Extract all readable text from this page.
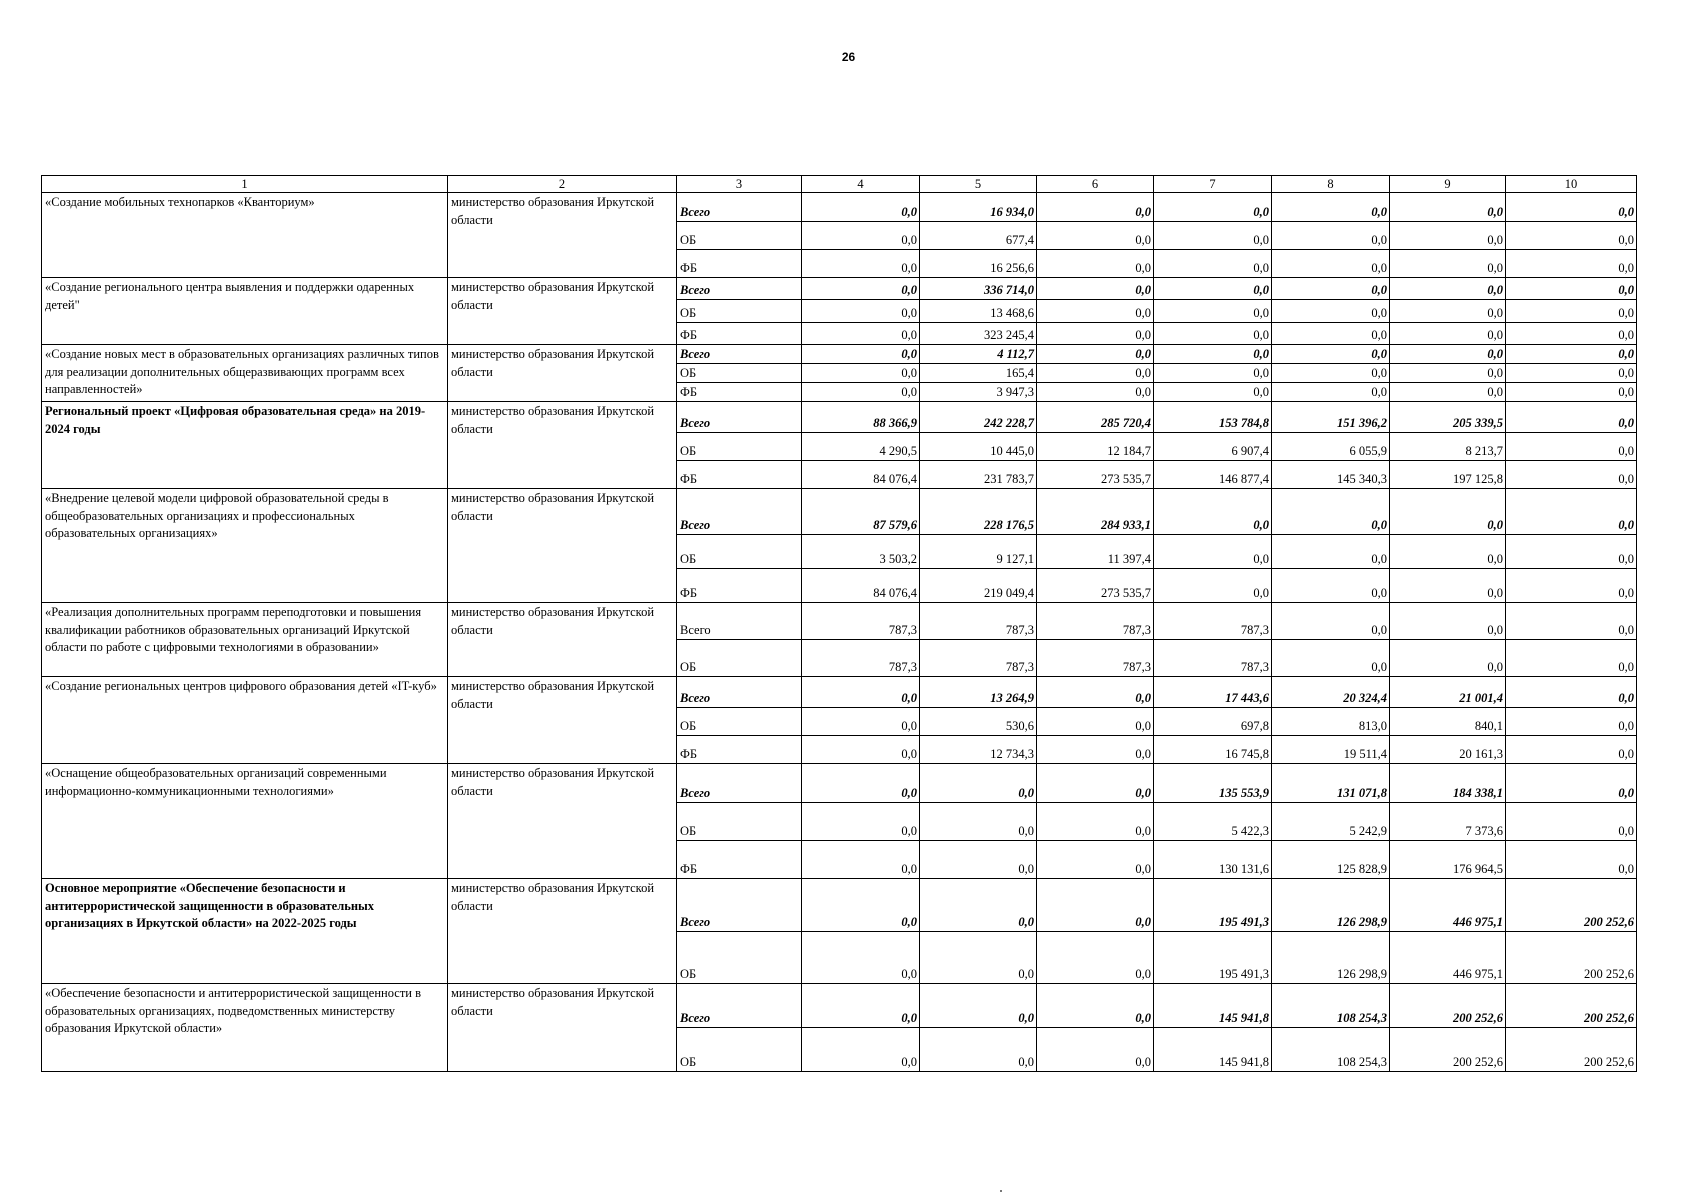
26
1	2	3	4	5	6	7	8	9	10
«Создание мобильных технопарков «Кванториум»	министерство образования Иркутской области	Всего	0,0	16 934,0	0,0	0,0	0,0	0,0	0,0
		ОБ	0,0	677,4	0,0	0,0	0,0	0,0	0,0
		ФБ	0,0	16 256,6	0,0	0,0	0,0	0,0	0,0
«Создание регионального центра выявления и поддержки одаренных детей"	министерство образования Иркутской области	Всего	0,0	336 714,0	0,0	0,0	0,0	0,0	0,0
		ОБ	0,0	13 468,6	0,0	0,0	0,0	0,0	0,0
		ФБ	0,0	323 245,4	0,0	0,0	0,0	0,0	0,0
«Создание новых мест в образовательных организациях различных типов для реализации дополнительных общеразвивающих программ всех направленностей»	министерство образования Иркутской области	Всего	0,0	4 112,7	0,0	0,0	0,0	0,0	0,0
		ОБ	0,0	165,4	0,0	0,0	0,0	0,0	0,0
		ФБ	0,0	3 947,3	0,0	0,0	0,0	0,0	0,0
Региональный проект «Цифровая образовательная среда» на 2019-2024 годы	министерство образования Иркутской области	Всего	88 366,9	242 228,7	285 720,4	153 784,8	151 396,2	205 339,5	0,0
		ОБ	4 290,5	10 445,0	12 184,7	6 907,4	6 055,9	8 213,7	0,0
		ФБ	84 076,4	231 783,7	273 535,7	146 877,4	145 340,3	197 125,8	0,0
«Внедрение целевой модели цифровой образовательной среды в общеобразовательных организациях и профессиональных образовательных организациях»	министерство образования Иркутской области	Всего	87 579,6	228 176,5	284 933,1	0,0	0,0	0,0	0,0
		ОБ	3 503,2	9 127,1	11 397,4	0,0	0,0	0,0	0,0
		ФБ	84 076,4	219 049,4	273 535,7	0,0	0,0	0,0	0,0
«Реализация дополнительных программ переподготовки и повышения квалификации работников образовательных организаций Иркутской области по работе с цифровыми технологиями в образовании»	министерство образования Иркутской области	Всего	787,3	787,3	787,3	787,3	0,0	0,0	0,0
		ОБ	787,3	787,3	787,3	787,3	0,0	0,0	0,0
«Создание региональных центров цифрового образования детей «IT-куб»	министерство образования Иркутской области	Всего	0,0	13 264,9	0,0	17 443,6	20 324,4	21 001,4	0,0
		ОБ	0,0	530,6	0,0	697,8	813,0	840,1	0,0
		ФБ	0,0	12 734,3	0,0	16 745,8	19 511,4	20 161,3	0,0
«Оснащение общеобразовательных организаций современными информационно-коммуникационными технологиями»	министерство образования Иркутской области	Всего	0,0	0,0	0,0	135 553,9	131 071,8	184 338,1	0,0
		ОБ	0,0	0,0	0,0	5 422,3	5 242,9	7 373,6	0,0
		ФБ	0,0	0,0	0,0	130 131,6	125 828,9	176 964,5	0,0
Основное мероприятие «Обеспечение безопасности и антитеррористической защищенности в образовательных организациях в Иркутской области» на 2022-2025 годы	министерство образования Иркутской области	Всего	0,0	0,0	0,0	195 491,3	126 298,9	446 975,1	200 252,6
		ОБ	0,0	0,0	0,0	195 491,3	126 298,9	446 975,1	200 252,6
«Обеспечение безопасности и антитеррористической защищенности в образовательных организациях, подведомственных министерству образования Иркутской области»	министерство образования Иркутской области	Всего	0,0	0,0	0,0	145 941,8	108 254,3	200 252,6	200 252,6
		ОБ	0,0	0,0	0,0	145 941,8	108 254,3	200 252,6	200 252,6
